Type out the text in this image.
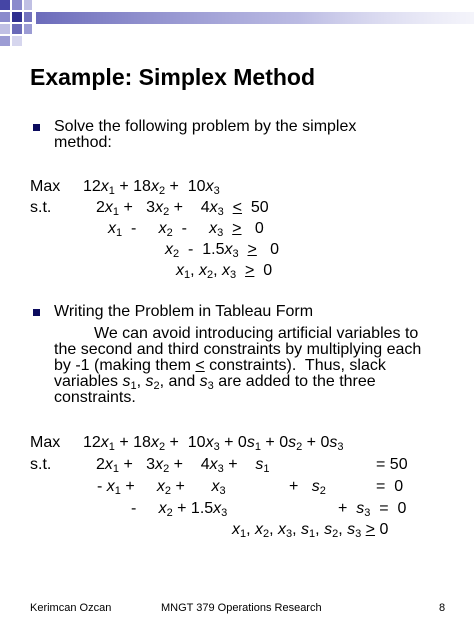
Example: Simplex Method
Solve the following problem by the simplex method:
Max $12x_1 + 18x_2 + 10x_3$
s.t.	$2x_1 + 3x_2$ +    $4x_3 < 50$
$x_1$  -     $x_2$  -     $x_3 > 0$
$x_2 - 1.5x_3 > 0$
$x_1$, $x_2$, $x_3 > 0$
Writing the Problem in Tableau Form
We can avoid introducing artificial variables to the second and third constraints by multiplying each by -1 (making them < constraints).  Thus, slack variables $s_1$, $s_2$, and $s_3$ are added to the three constraints.
Max $12x_1 + 18x_2 + 10x_3 + 0s_1 + 0s_2 + 0s_3$
s.t.	$2x_1 + 3x_2$ +    $4x_3$ +    $s_1$	= 50
- $x_1$ +     $x_2$ +      $x_3$	+   $s_2$	=  0
-     $x_2 + 1.5x_3$	+  $s_3 = 0$
$x_1$, $x_2$, $x_3$, $s_1$, $s_2$, $s_3 > 0$
Kerimcan Ozcan	MNGT 379 Operations Research	8
